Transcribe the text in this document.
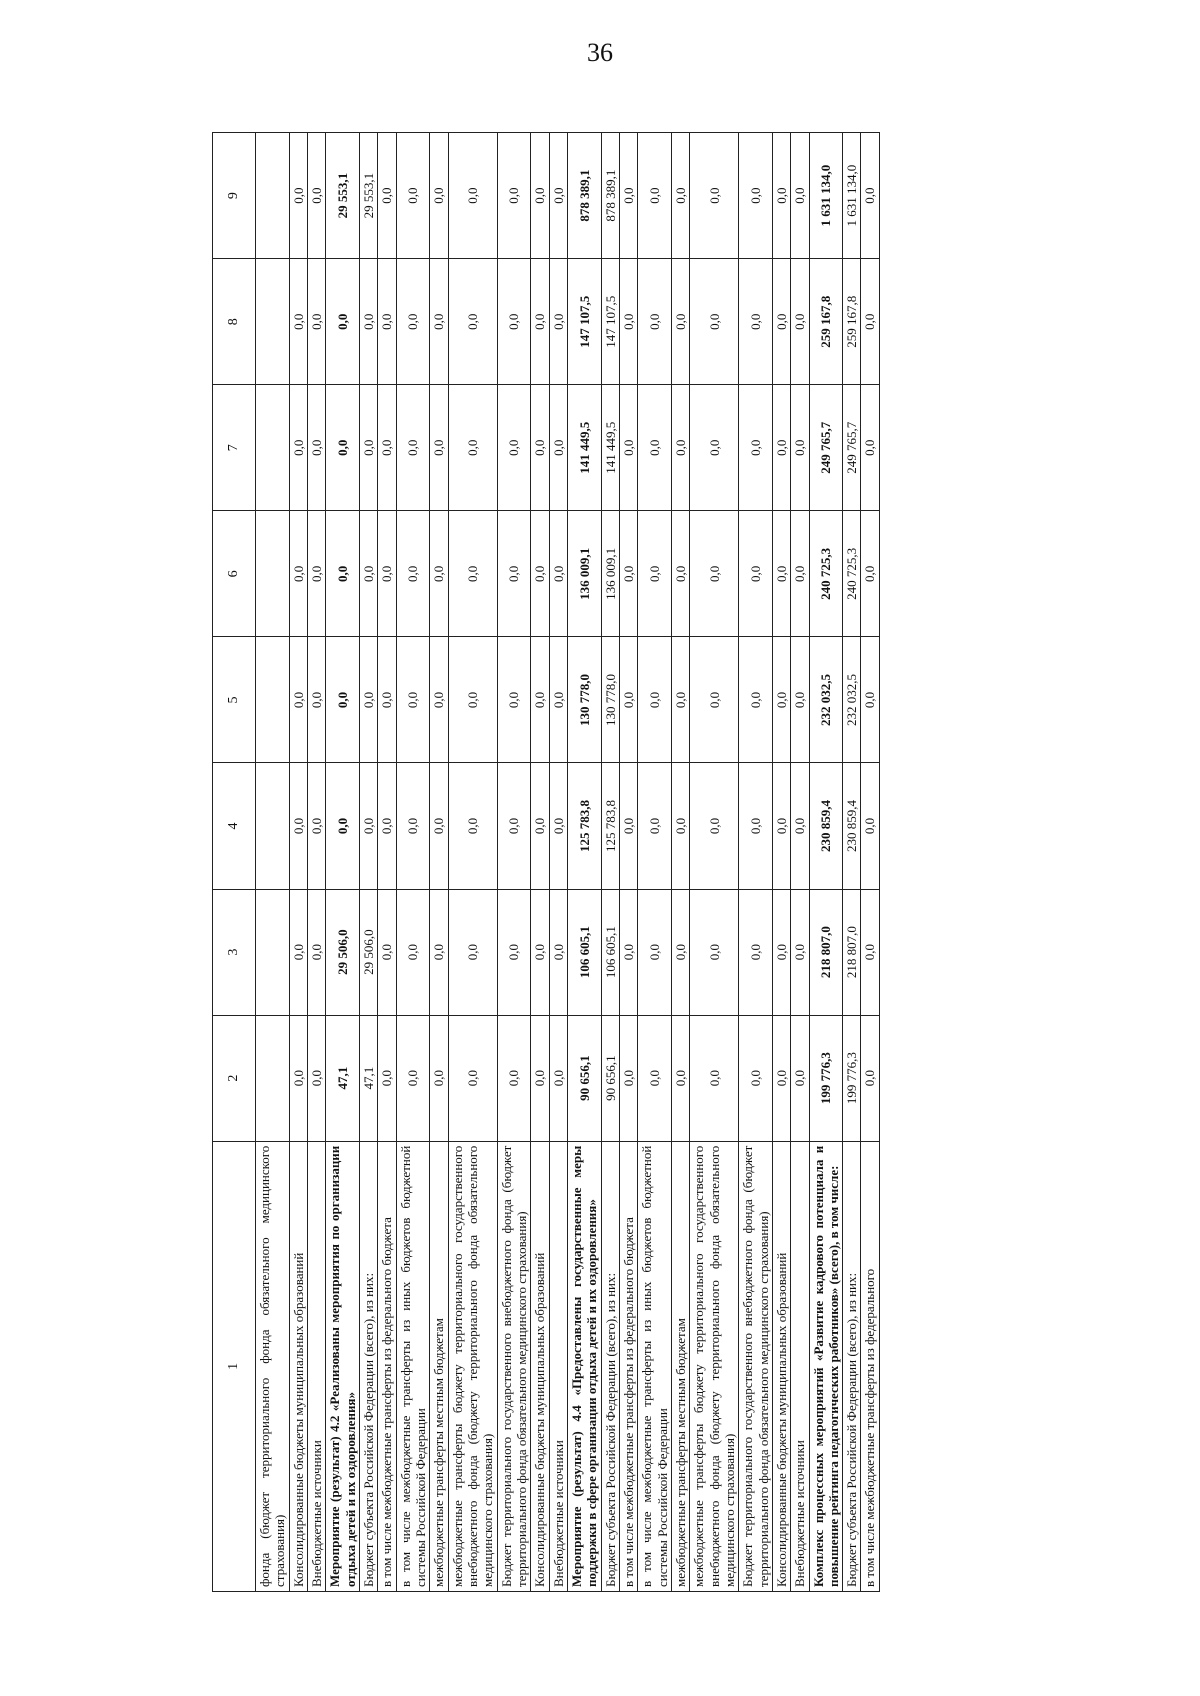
36
1	2	3	4	5	6	7	8	9
фонда (бюджет территориального фонда обязательного медицинского страхования)								
Консолидированные бюджеты муниципальных образований	0,0	0,0	0,0	0,0	0,0	0,0	0,0	0,0
Внебюджетные источники	0,0	0,0	0,0	0,0	0,0	0,0	0,0	0,0
Мероприятие (результат) 4.2 «Реализованы мероприятия по организации отдыха детей и их оздоровления»	47,1	29 506,0	0,0	0,0	0,0	0,0	0,0	29 553,1
Бюджет субъекта Российской Федерации (всего), из них:	47,1	29 506,0	0,0	0,0	0,0	0,0	0,0	29 553,1
в том числе межбюджетные трансферты из федерального бюджета	0,0	0,0	0,0	0,0	0,0	0,0	0,0	0,0
в том числе межбюджетные трансферты из иных бюджетов бюджетной системы Российской Федерации	0,0	0,0	0,0	0,0	0,0	0,0	0,0	0,0
межбюджетные трансферты местным бюджетам	0,0	0,0	0,0	0,0	0,0	0,0	0,0	0,0
межбюджетные трансферты бюджету территориального государственного внебюджетного фонда (бюджету территориального фонда обязательного медицинского страхования)	0,0	0,0	0,0	0,0	0,0	0,0	0,0	0,0
Бюджет территориального государственного внебюджетного фонда (бюджет территориального фонда обязательного медицинского страхования)	0,0	0,0	0,0	0,0	0,0	0,0	0,0	0,0
Консолидированные бюджеты муниципальных образований	0,0	0,0	0,0	0,0	0,0	0,0	0,0	0,0
Внебюджетные источники	0,0	0,0	0,0	0,0	0,0	0,0	0,0	0,0
Мероприятие (результат) 4.4 «Предоставлены государственные меры поддержки в сфере организации отдыха детей и их оздоровления»	90 656,1	106 605,1	125 783,8	130 778,0	136 009,1	141 449,5	147 107,5	878 389,1
Бюджет субъекта Российской Федерации (всего), из них:	90 656,1	106 605,1	125 783,8	130 778,0	136 009,1	141 449,5	147 107,5	878 389,1
в том числе межбюджетные трансферты из федерального бюджета	0,0	0,0	0,0	0,0	0,0	0,0	0,0	0,0
в том числе межбюджетные трансферты из иных бюджетов бюджетной системы Российской Федерации	0,0	0,0	0,0	0,0	0,0	0,0	0,0	0,0
межбюджетные трансферты местным бюджетам	0,0	0,0	0,0	0,0	0,0	0,0	0,0	0,0
межбюджетные трансферты бюджету территориального государственного внебюджетного фонда (бюджету территориального фонда обязательного медицинского страхования)	0,0	0,0	0,0	0,0	0,0	0,0	0,0	0,0
Бюджет территориального государственного внебюджетного фонда (бюджет территориального фонда обязательного медицинского страхования)	0,0	0,0	0,0	0,0	0,0	0,0	0,0	0,0
Консолидированные бюджеты муниципальных образований	0,0	0,0	0,0	0,0	0,0	0,0	0,0	0,0
Внебюджетные источники	0,0	0,0	0,0	0,0	0,0	0,0	0,0	0,0
Комплекс процессных мероприятий «Развитие кадрового потенциала и повышение рейтинга педагогических работников» (всего), в том числе:	199 776,3	218 807,0	230 859,4	232 032,5	240 725,3	249 765,7	259 167,8	1 631 134,0
Бюджет субъекта Российской Федерации (всего), из них:	199 776,3	218 807,0	230 859,4	232 032,5	240 725,3	249 765,7	259 167,8	1 631 134,0
в том числе межбюджетные трансферты из федерального	0,0	0,0	0,0	0,0	0,0	0,0	0,0	0,0
